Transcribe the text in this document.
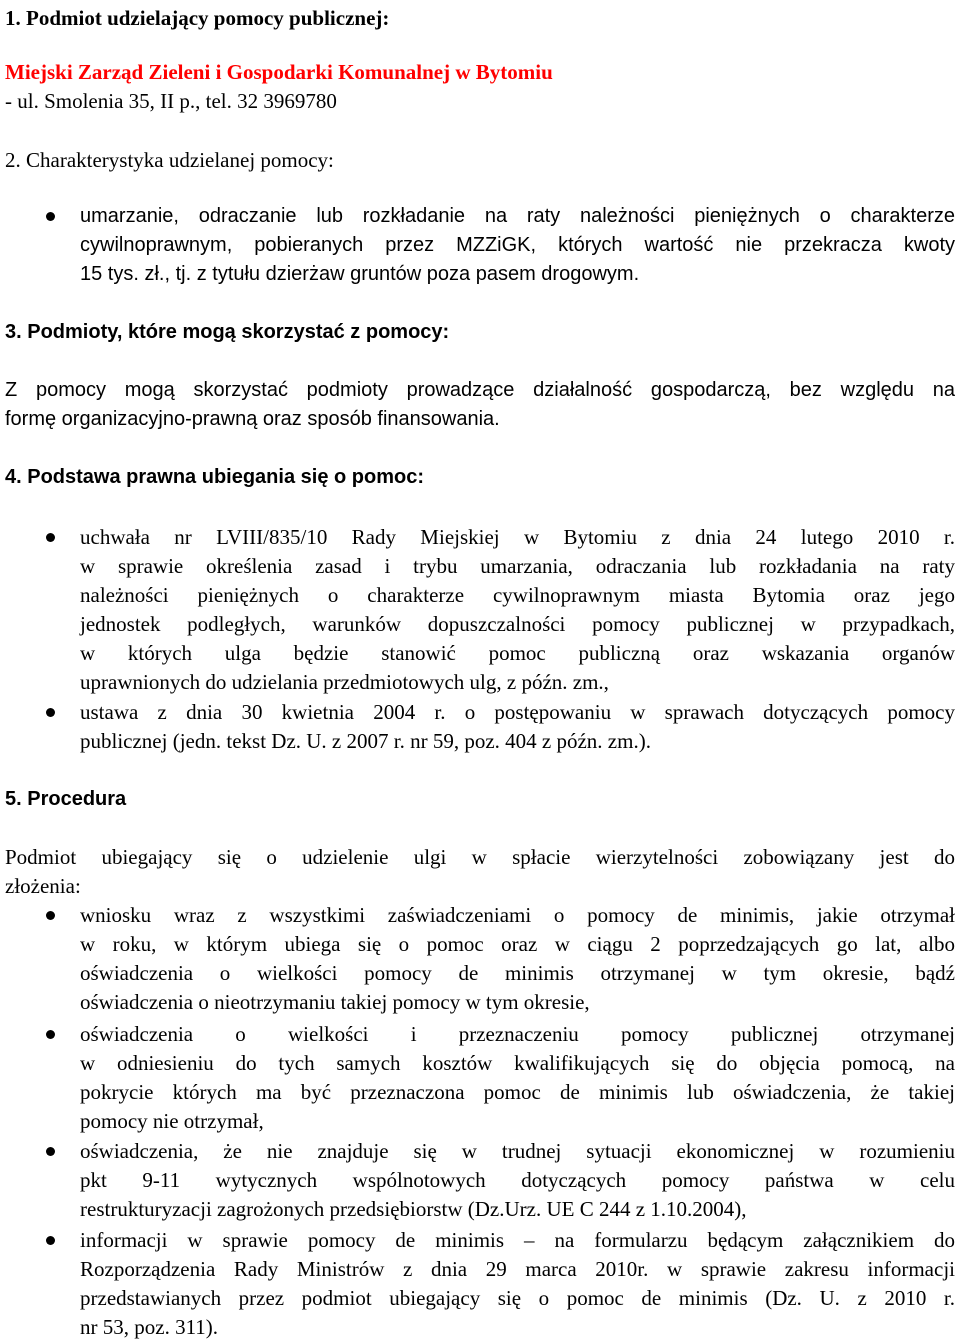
1. Podmiot udzielający pomocy publicznej:
Miejski Zarząd Zieleni i Gospodarki Komunalnej w Bytomiu
- ul. Smolenia 35, II p., tel. 32 3969780
2. Charakterystyka udzielanej pomocy:
umarzanie, odraczanie lub rozkładanie na raty należności pieniężnych o charakterze
cywilnoprawnym, pobieranych przez MZZiGK, których wartość nie przekracza kwoty
15 tys. zł., tj. z tytułu dzierżaw gruntów poza pasem drogowym.
3. Podmioty, które mogą skorzystać z pomocy:
Z pomocy mogą skorzystać podmioty prowadzące działalność gospodarczą, bez względu na
formę organizacyjno-prawną oraz sposób finansowania.
4. Podstawa prawna ubiegania się o pomoc:
uchwała nr LVIII/835/10 Rady Miejskiej w Bytomiu z dnia 24 lutego 2010 r.
w sprawie określenia zasad i trybu umarzania, odraczania lub rozkładania na raty
należności pieniężnych o charakterze cywilnoprawnym miasta Bytomia oraz jego
jednostek podległych, warunków dopuszczalności pomocy publicznej w przypadkach,
w których ulga będzie stanowić pomoc publiczną oraz wskazania organów
uprawnionych do udzielania przedmiotowych ulg, z późn. zm.,
ustawa z dnia 30 kwietnia 2004 r. o postępowaniu w sprawach dotyczących pomocy
publicznej (jedn. tekst Dz. U. z 2007 r. nr 59, poz. 404 z późn. zm.).
5. Procedura
Podmiot ubiegający się o udzielenie ulgi w spłacie wierzytelności zobowiązany jest do
złożenia:
wniosku wraz z wszystkimi zaświadczeniami o pomocy de minimis, jakie otrzymał
w roku, w którym ubiega się o pomoc oraz w ciągu 2 poprzedzających go lat, albo
oświadczenia o wielkości pomocy de minimis otrzymanej w tym okresie, bądź
oświadczenia o nieotrzymaniu takiej pomocy w tym okresie,
oświadczenia o wielkości i przeznaczeniu pomocy publicznej otrzymanej
w odniesieniu do tych samych kosztów kwalifikujących się do objęcia pomocą, na
pokrycie których ma być przeznaczona pomoc de minimis lub oświadczenia, że takiej
pomocy nie otrzymał,
oświadczenia, że nie znajduje się w trudnej sytuacji ekonomicznej w rozumieniu
pkt 9-11 wytycznych wspólnotowych dotyczących pomocy państwa w celu
restrukturyzacji zagrożonych przedsiębiorstw (Dz.Urz. UE C 244 z 1.10.2004),
informacji w sprawie pomocy de minimis – na formularzu będącym załącznikiem do
Rozporządzenia Rady Ministrów z dnia 29 marca 2010r. w sprawie zakresu informacji
przedstawianych przez podmiot ubiegający się o pomoc de minimis (Dz. U. z 2010 r.
nr 53, poz. 311).
